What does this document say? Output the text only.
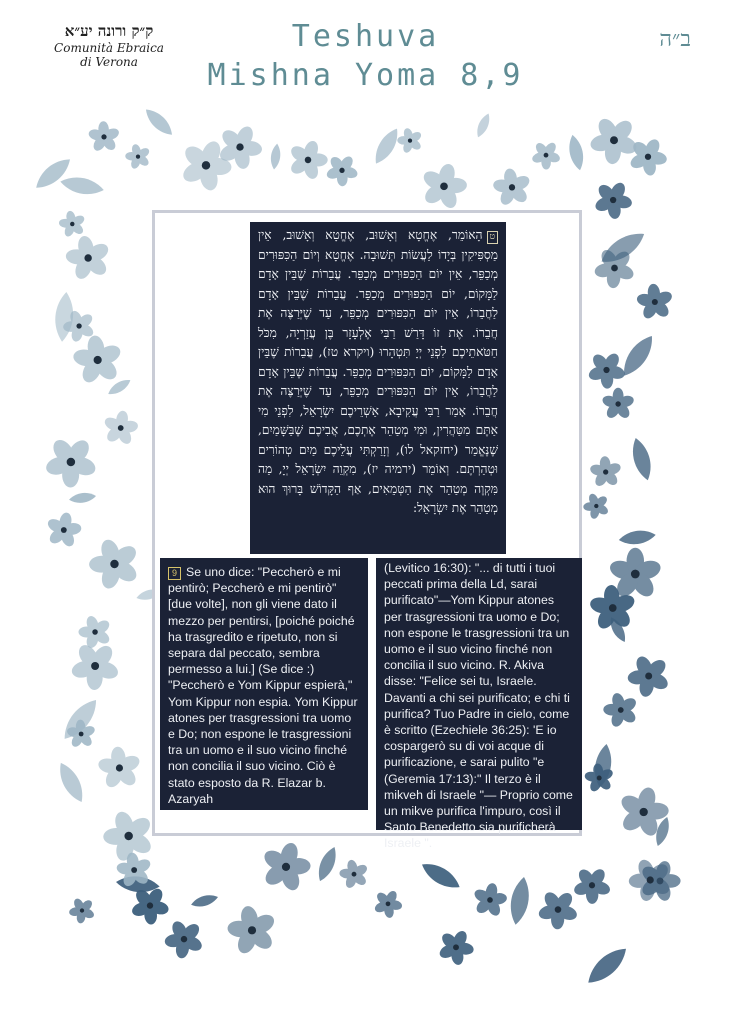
ק״ק ורונה יע״א
Comunità Ebraica
di Verona
Teshuva
Mishna Yoma 8,9
ב״ה
טהָאוֹמֵר, אֶחֱטָא וְאָשׁוּב, אֶחֱטָא וְאָשׁוּב, אֵין מַסְפִּיקִין בְּיָדוֹ לַעֲשׂוֹת תְּשׁוּבָה. אֶחֱטָא וְיוֹם הַכִּפּוּרִים מְכַפֵּר, אֵין יוֹם הַכִּפּוּרִים מְכַפֵּר. עֲבֵרוֹת שֶׁבֵּין אָדָם לַמָּקוֹם, יוֹם הַכִּפּוּרִים מְכַפֵּר. עֲבֵרוֹת שֶׁבֵּין אָדָם לַחֲבֵרוֹ, אֵין יוֹם הַכִּפּוּרִים מְכַפֵּר, עַד שֶׁיְּרַצֶּה אֶת חֲבֵרוֹ. אֶת זוֹ דָּרַשׁ רַבִּי אֶלְעָזָר בֶּן עֲזַרְיָה, מִכֹּל חַטֹּאתֵיכֶם לִפְנֵי יְיָ תִּטְהָרוּ (ויקרא טז), עֲבֵרוֹת שֶׁבֵּין אָדָם לַמָּקוֹם, יוֹם הַכִּפּוּרִים מְכַפֵּר. עֲבֵרוֹת שֶׁבֵּין אָדָם לַחֲבֵרוֹ, אֵין יוֹם הַכִּפּוּרִים מְכַפֵּר, עַד שֶׁיְּרַצֶּה אֶת חֲבֵרוֹ. אָמַר רַבִּי עֲקִיבָא, אַשְׁרֵיכֶם יִשְׂרָאֵל, לִפְנֵי מִי אַתֶּם מִטַּהֲרִין, וּמִי מְטַהֵר אֶתְכֶם, אֲבִיכֶם שֶׁבַּשָּׁמַיִם, שֶׁנֶּאֱמַר (יחזקאל לו), וְזָרַקְתִּי עֲלֵיכֶם מַיִם טְהוֹרִים וּטְהַרְתֶּם. וְאוֹמֵר (ירמיה יז), מִקְוֵה יִשְׂרָאֵל יְיָ, מַה מִּקְוֶה מְטַהֵר אֶת הַטְּמֵאִים, אַף הַקָּדוֹשׁ בָּרוּךְ הוּא מְטַהֵר אֶת יִשְׂרָאֵל:
9 Se uno dice: "Peccherò e mi pentirò; Peccherò e mi pentirò" [due volte], non gli viene dato il mezzo per pentirsi, [poiché poiché ha trasgredito e ripetuto, non si separa dal peccato, sembra permesso a lui.] (Se dice :) "Peccherò e Yom Kippur espierà," Yom Kippur non espia. Yom Kippur atones per trasgressioni tra uomo e Do; non espone le trasgressioni tra un uomo e il suo vicino finché non concilia il suo vicino. Ciò è stato esposto da R. Elazar b. Azaryah
(Levitico 16:30): "... di tutti i tuoi peccati prima della Ld, sarai purificato"—Yom Kippur atones per trasgressioni tra uomo e Do; non espone le trasgressioni tra un uomo e il suo vicino finché non concilia il suo vicino. R. Akiva disse: "Felice sei tu, Israele. Davanti a chi sei purificato; e chi ti purifica? Tuo Padre in cielo, come è scritto (Ezechiele 36:25): 'E io cospargerò su di voi acque di purificazione, e sarai pulito "e (Geremia 17:13):" Il terzo è il mikveh di Israele "— Proprio come un mikve purifica l'impuro, così il Santo Benedetto sia purificherà Israele ".
